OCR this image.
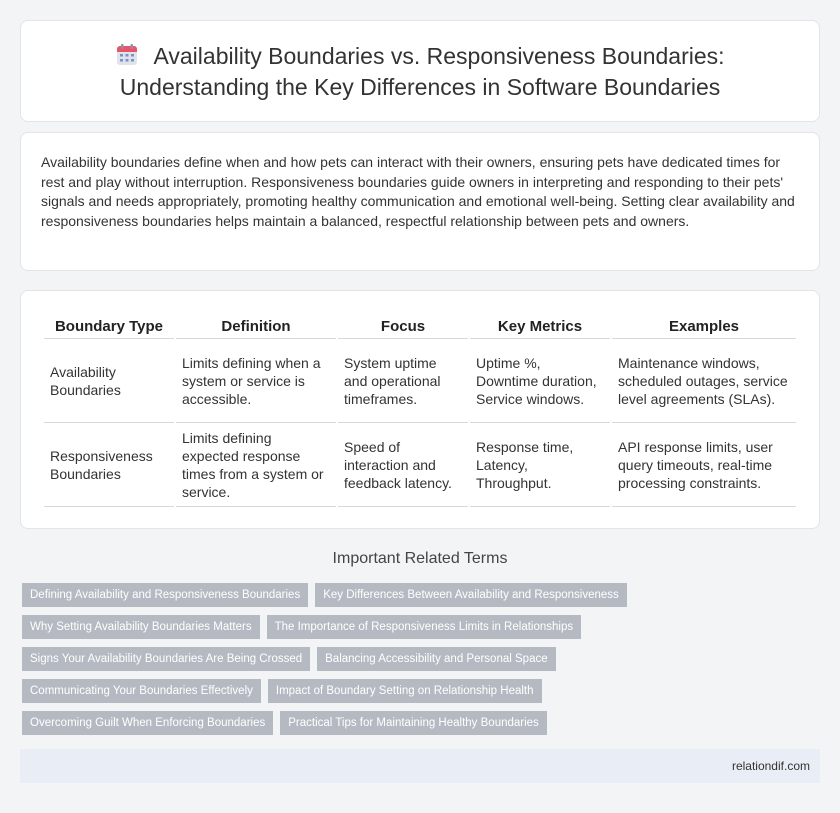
Availability Boundaries vs. Responsiveness Boundaries:
Understanding the Key Differences in Software Boundaries

Availability boundaries define when and how pets can interact with their owners, ensuring pets have dedicated times for rest and play without interruption. Responsiveness boundaries guide owners in interpreting and responding to their pets' signals and needs appropriately, promoting healthy communication and emotional well-being. Setting clear availability and responsiveness boundaries helps maintain a balanced, respectful relationship between pets and owners.

Boundary Type	Definition	Focus	Key Metrics	Examples
Availability Boundaries	Limits defining when a system or service is accessible.	System uptime and operational timeframes.	Uptime %, Downtime duration, Service windows.	Maintenance windows, scheduled outages, service level agreements (SLAs).
Responsiveness Boundaries	Limits defining expected response times from a system or service.	Speed of interaction and feedback latency.	Response time, Latency, Throughput.	API response limits, user query timeouts, real-time processing constraints.
Important Related Terms
Defining Availability and Responsiveness Boundaries	Key Differences Between Availability and Responsiveness
Why Setting Availability Boundaries Matters	The Importance of Responsiveness Limits in Relationships
Signs Your Availability Boundaries Are Being Crossed	Balancing Accessibility and Personal Space
Communicating Your Boundaries Effectively	Impact of Boundary Setting on Relationship Health
Overcoming Guilt When Enforcing Boundaries	Practical Tips for Maintaining Healthy Boundaries
relationdif.com
